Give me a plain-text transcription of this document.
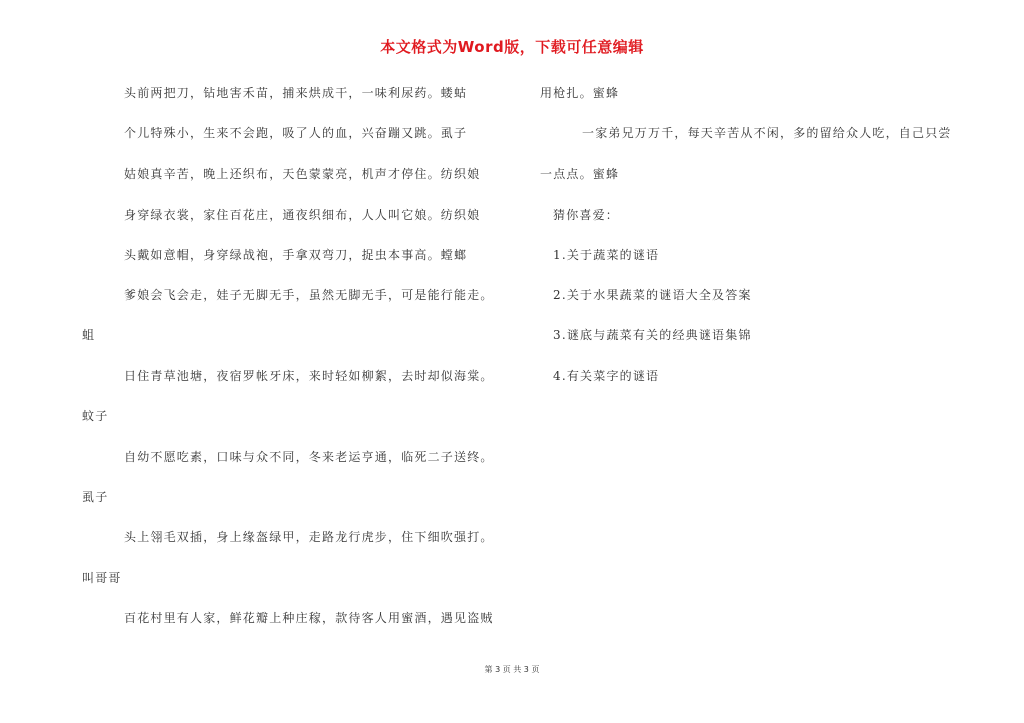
本文格式为Word版，下载可任意编辑
头前两把刀，钻地害禾苗，捕来烘成干，一味利尿药。蝼蛄
个儿特殊小，生来不会跑，吸了人的血，兴奋蹦又跳。虱子
姑娘真辛苦，晚上还织布，天色蒙蒙亮，机声才停住。纺织娘
身穿绿衣裳，家住百花庄，通夜织细布，人人叫它娘。纺织娘
头戴如意帽，身穿绿战袍，手拿双弯刀，捉虫本事高。螳螂
爹娘会飞会走，娃子无脚无手，虽然无脚无手，可是能行能走。
蛆
日住青草池塘，夜宿罗帐牙床，来时轻如柳絮，去时却似海棠。
蚊子
自幼不愿吃素，口味与众不同，冬来老运亨通，临死二子送终。
虱子
头上翎毛双插，身上缘盔绿甲，走路龙行虎步，住下细吹强打。
叫哥哥
百花村里有人家，鲜花瓣上种庄稼，款待客人用蜜酒，遇见盗贼
用枪扎。蜜蜂
一家弟兄万万千，每天辛苦从不闲，多的留给众人吃，自己只尝
一点点。蜜蜂
猜你喜爱：
1.关于蔬菜的谜语
2.关于水果蔬菜的谜语大全及答案
3.谜底与蔬菜有关的经典谜语集锦
4.有关菜字的谜语
第 3 页 共 3 页
